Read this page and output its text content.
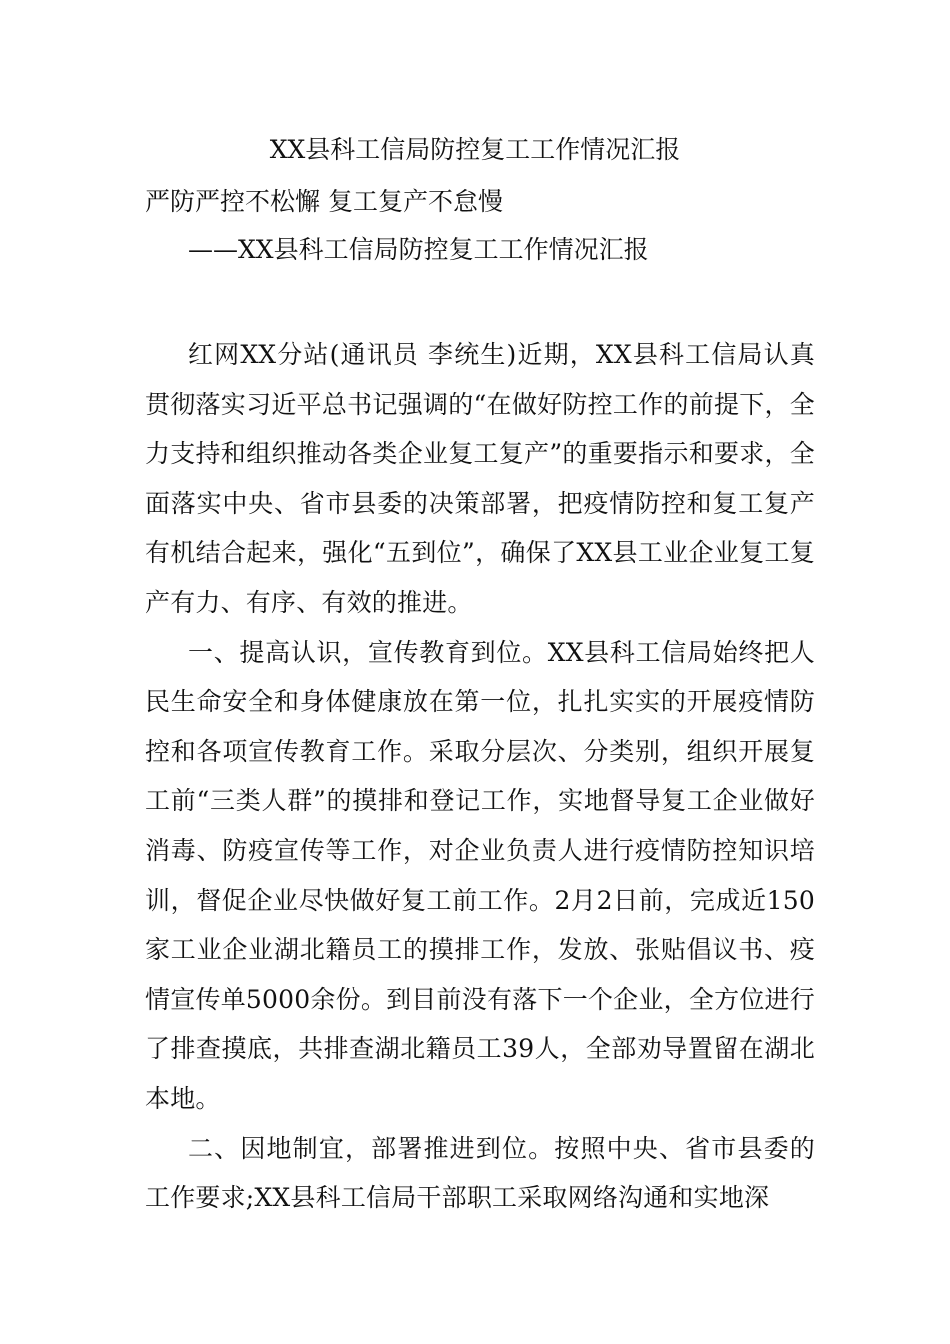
XX县科工信局防控复工工作情况汇报
严防严控不松懈 复工复产不怠慢
——XX县科工信局防控复工工作情况汇报

红网XX分站(通讯员 李统生)近期，XX县科工信局认真贯彻落实习近平总书记强调的“在做好防控工作的前提下，全力支持和组织推动各类企业复工复产”的重要指示和要求，全面落实中央、省市县委的决策部署，把疫情防控和复工复产有机结合起来，强化“五到位”，确保了XX县工业企业复工复产有力、有序、有效的推进。

一、提高认识，宣传教育到位。XX县科工信局始终把人民生命安全和身体健康放在第一位，扎扎实实的开展疫情防控和各项宣传教育工作。采取分层次、分类别，组织开展复工前“三类人群”的摸排和登记工作，实地督导复工企业做好消毒、防疫宣传等工作，对企业负责人进行疫情防控知识培训，督促企业尽快做好复工前工作。2月2日前，完成近150家工业企业湖北籍员工的摸排工作，发放、张贴倡议书、疫情宣传单5000余份。到目前没有落下一个企业，全方位进行了排查摸底，共排查湖北籍员工39人，全部劝导置留在湖北本地。

二、因地制宜，部署推进到位。按照中央、省市县委的工作要求;XX县科工信局干部职工采取网络沟通和实地深
